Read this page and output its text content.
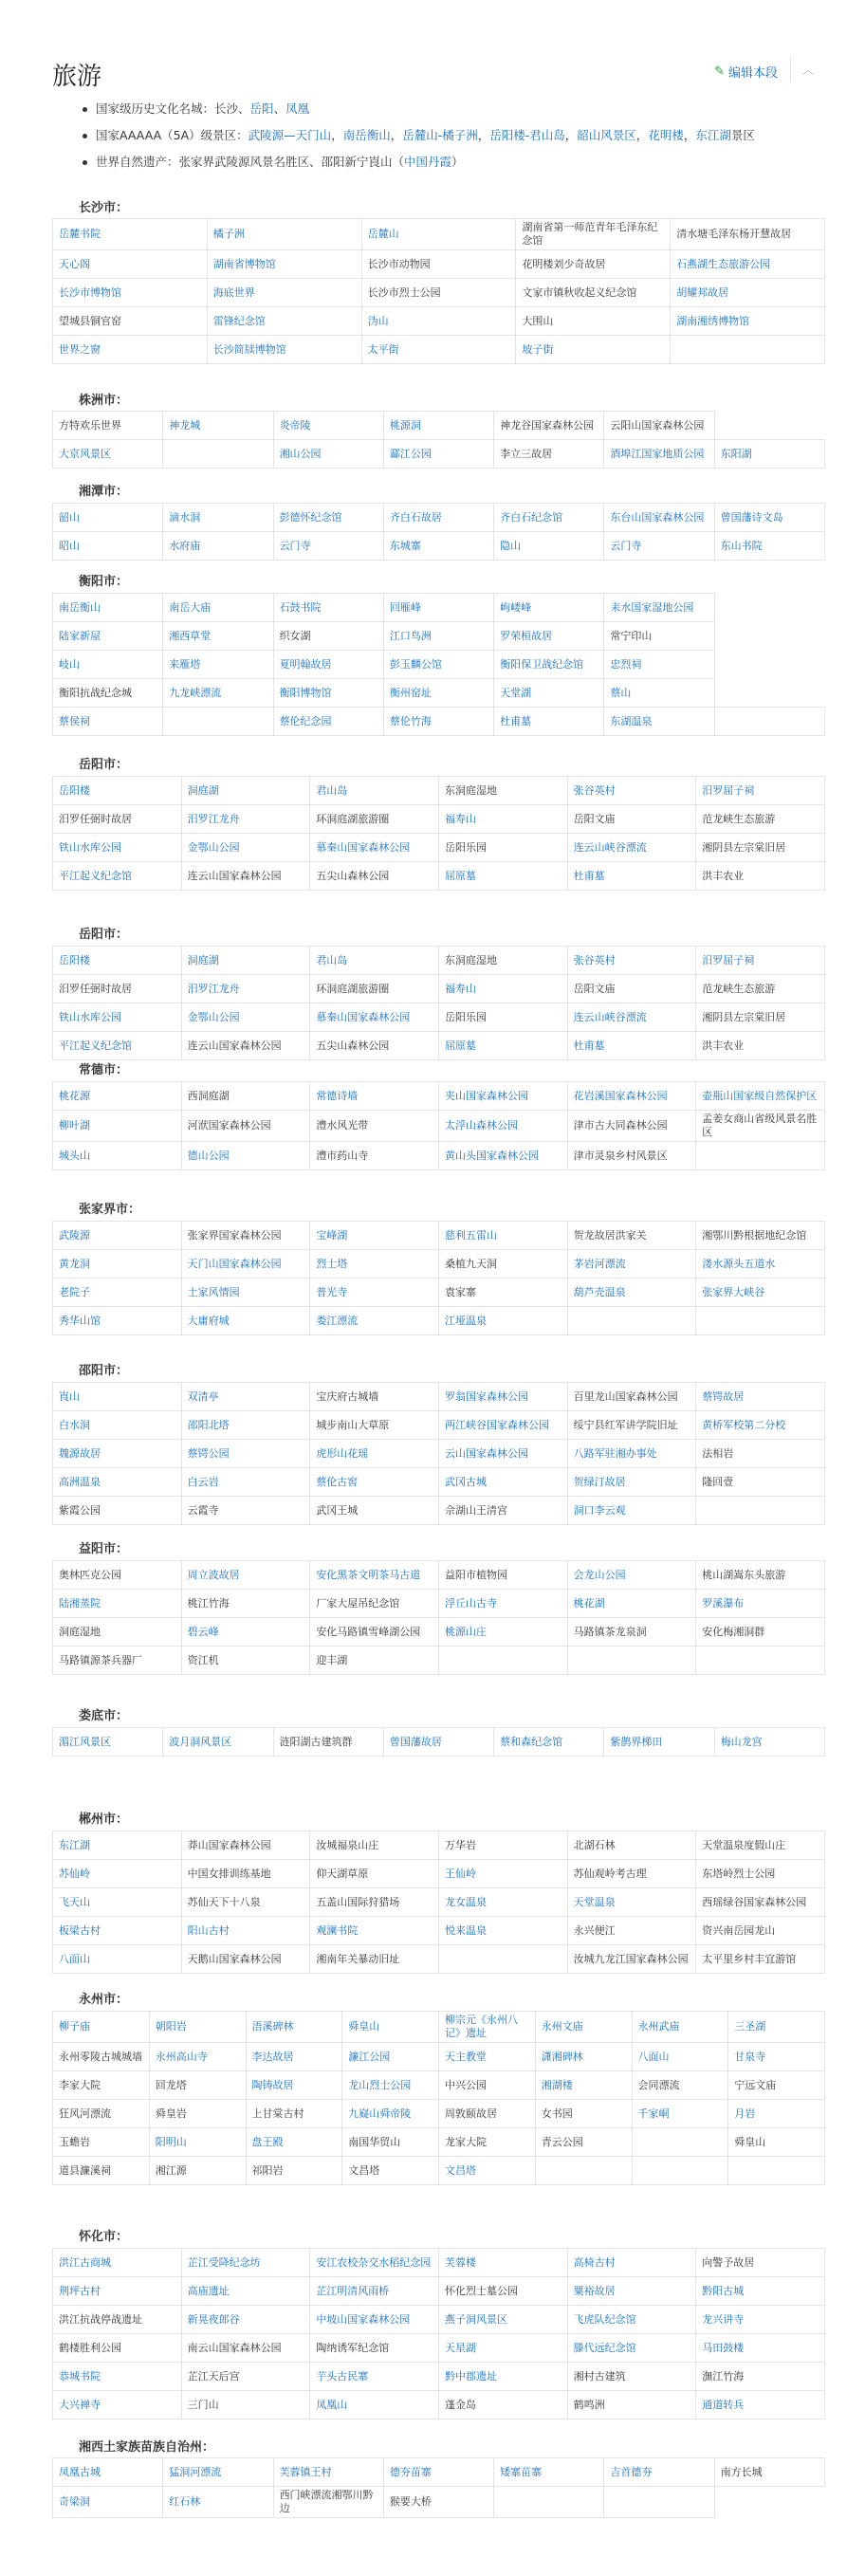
旅游	✎ 编辑本段 ︿
国家级历史文化名城：长沙、岳阳、凤凰
国家AAAAA（5A）级景区：武陵源—天门山，南岳衡山，岳麓山-橘子洲，岳阳楼-君山岛，韶山风景区，花明楼，东江湖景区
世界自然遗产：张家界武陵源风景名胜区、邵阳新宁崀山（中国丹霞）
长沙市：
岳麓书院	橘子洲	岳麓山	湖南省第一师范青年毛泽东纪念馆	清水塘毛泽东杨开慧故居
天心阁	湖南省博物馆	长沙市动物园	花明楼刘少奇故居	石燕湖生态旅游公园
长沙市博物馆	海底世界	长沙市烈士公园	文家市镇秋收起义纪念馆	胡耀邦故居
望城县铜官窑	雷锋纪念馆	沩山	大围山	湖南湘绣博物馆
世界之窗	长沙简牍博物馆	太平街	坡子街	
株洲市：
方特欢乐世界	神龙城	炎帝陵	桃源洞	神龙谷国家森林公园	云阳山国家森林公园	
大京风景区		湘山公园	酃江公园	李立三故居	酒埠江国家地质公园	东阳湖
湘潭市：
韶山	滴水洞	彭德怀纪念馆	齐白石故居	齐白石纪念馆	东台山国家森林公园	曾国藩诗文岛
昭山	水府庙	云门寺	东城寨	隐山	云门寺	东山书院
衡阳市：
南岳衡山	南岳大庙	石鼓书院	回雁峰	岣嵝峰	耒水国家湿地公园	
陆家新屋	湘西草堂	织女湖	江口鸟洲	罗荣桓故居	常宁印山	
岐山	来雁塔	夏明翰故居	彭玉麟公馆	衡阳保卫战纪念馆	忠烈祠	
衡阳抗战纪念城	九龙峡漂流	衡阳博物馆	衡州窑址	天堂湖	蔡山	
蔡侯祠		蔡伦纪念园	蔡伦竹海	杜甫墓	东湖温泉	
岳阳市：
岳阳楼	洞庭湖	君山岛	东洞庭湿地	张谷英村	汨罗屈子祠
汨罗任弼时故居	汨罗江龙舟	环洞庭湖旅游圈	福寿山	岳阳文庙	范龙峡生态旅游
铁山水库公园	金鄂山公园	慕秦山国家森林公园	岳阳乐园	连云山峡谷漂流	湘阴县左宗棠旧居
平江起义纪念馆	连云山国家森林公园	五尖山森林公园	屈原墓	杜甫墓	洪丰农业
岳阳市：
岳阳楼	洞庭湖	君山岛	东洞庭湿地	张谷英村	汨罗屈子祠
汨罗任弼时故居	汨罗江龙舟	环洞庭湖旅游圈	福寿山	岳阳文庙	范龙峡生态旅游
铁山水库公园	金鄂山公园	慕秦山国家森林公园	岳阳乐园	连云山峡谷漂流	湘阴县左宗棠旧居
平江起义纪念馆	连云山国家森林公园	五尖山森林公园	屈原墓	杜甫墓	洪丰农业
常德市：
桃花源	西洞庭湖	常德诗墙	夹山国家森林公园	花岩溪国家森林公园	壶瓶山国家级自然保护区
柳叶湖	河洑国家森林公园	澧水风光带	太浮山森林公园	津市古大同森林公园	孟姜女商山省级风景名胜区
城头山	德山公园	澧市药山寺	黄山头国家森林公园	津市灵泉乡村风景区	
张家界市：
武陵源	张家界国家森林公园	宝峰湖	慈利五雷山	贺龙故居洪家关	湘鄂川黔根据地纪念馆
黄龙洞	天门山国家森林公园	烈士塔	桑植九天洞	茅岩河漂流	溇水源头五道水
老院子	土家风情园	普光寺	袁家寨	葫芦壳温泉	张家界大峡谷
秀华山馆	大庸府城	娄江漂流	江垭温泉		
邵阳市：
崀山	双清亭	宝庆府古城墙	罗翁国家森林公园	百里龙山国家森林公园	蔡锷故居
白水洞	邵阳北塔	城步南山大草原	两江峡谷国家森林公园	绥宁县红军讲学院旧址	黄桥军校第二分校
魏源故居	蔡锷公园	虎形山花瑶	云山国家森林公园	八路军驻湘办事处	法相岩
高洲温泉	白云岩	蔡伦古窖	武冈古城	贺绿汀故居	隆回壹
紫霞公园	云霞寺	武冈王城	佘湖山王清宫	洞口李云观	
益阳市：
奥林匹克公园	周立波故居	安化黑茶文明茶马古道	益阳市植物园	会龙山公园	桃山湖嵩东头旅游
陆湘蒸院	桃江竹海	厂家大屋吊纪念馆	浮丘山古寺	桃花湖	罗溪瀑布
洞庭湿地	碧云峰	安化马路镇雪峰湖公园	桃源山庄	马路镇茶龙泉洞	安化梅湘洞群
马路镇源茶兵器厂	资江机	迎丰湖			
娄底市：
湄江风景区	波月洞风景区	涟阳湖古建筑群	曾国藩故居	蔡和森纪念馆	紫鹊界梯田	梅山龙宫
郴州市：
东江湖	莽山国家森林公园	汝城福泉山庄	万华岩	北湖石林	天堂温泉度假山庄
苏仙岭	中国女排训练基地	仰天湖草原	王仙岭	苏仙观岭考古理	东塔岭烈士公园
飞天山	苏仙天下十八泉	五盖山国际狩猎场	龙女温泉	天堂温泉	西瑶绿谷国家森林公园
板梁古村	阳山古村	观澜书院	悦来温泉	永兴便江	资兴南岳园龙山
八面山	天鹅山国家森林公园	湘南年关暴动旧址		汝城九龙江国家森林公园	太平里乡村丰宜游馆
永州市：
柳子庙	朝阳岩	浯溪碑林	舜皇山	柳宗元《永州八记》遗址	永州文庙	永州武庙	三圣湖
永州零陵古城城墙	永州高山寺	李达故居	濂江公园	天主教堂	潇湘碑林	八面山	甘泉寺
李家大院	回龙塔	陶铸故居	龙山烈士公园	中兴公园	湘湖楼	会同漂流	宁远文庙
狂风河漂流	舜皇岩	上甘棠古村	九嶷山舜帝陵	周敦颐故居	女书园	千家峒	月岩
玉蟾岩	阳明山	盘王殿	南国华贸山	龙家大院	青云公园		舜皇山
道县濂溪祠	湘江源	祁阳岩	文昌塔	文昌塔			
怀化市：
洪江古商城	芷江受降纪念坊	安江农校杂交水稻纪念园	芙蓉楼	高椅古村	向警予故居
荆坪古村	高庙遗址	芷江明清风雨桥	怀化烈士墓公园	粟裕故居	黔阳古城
洪江抗战停战遗址	新晃夜郎谷	中坡山国家森林公园	燕子洞风景区	飞虎队纪念馆	龙兴讲寺
鹤楼胜利公园	南云山国家森林公园	陶纳诱军纪念馆	天星湖	滕代远纪念馆	马田鼓楼
恭城书院	芷江天后宫	芋头古民寨	黔中郡遗址	湘村古建筑	潕江竹海
大兴禅寺	三门山	凤凰山	蓬金岛	鹤鸣洲	通道转兵
湘西土家族苗族自治州：
凤凰古城	猛洞河漂流	芙蓉镇王村	德夯苗寨	矮寨苗寨	吉首德夯	南方长城
奇梁洞	红石林	西门峡漂流湘鄂川黔边	猴要大桥			
